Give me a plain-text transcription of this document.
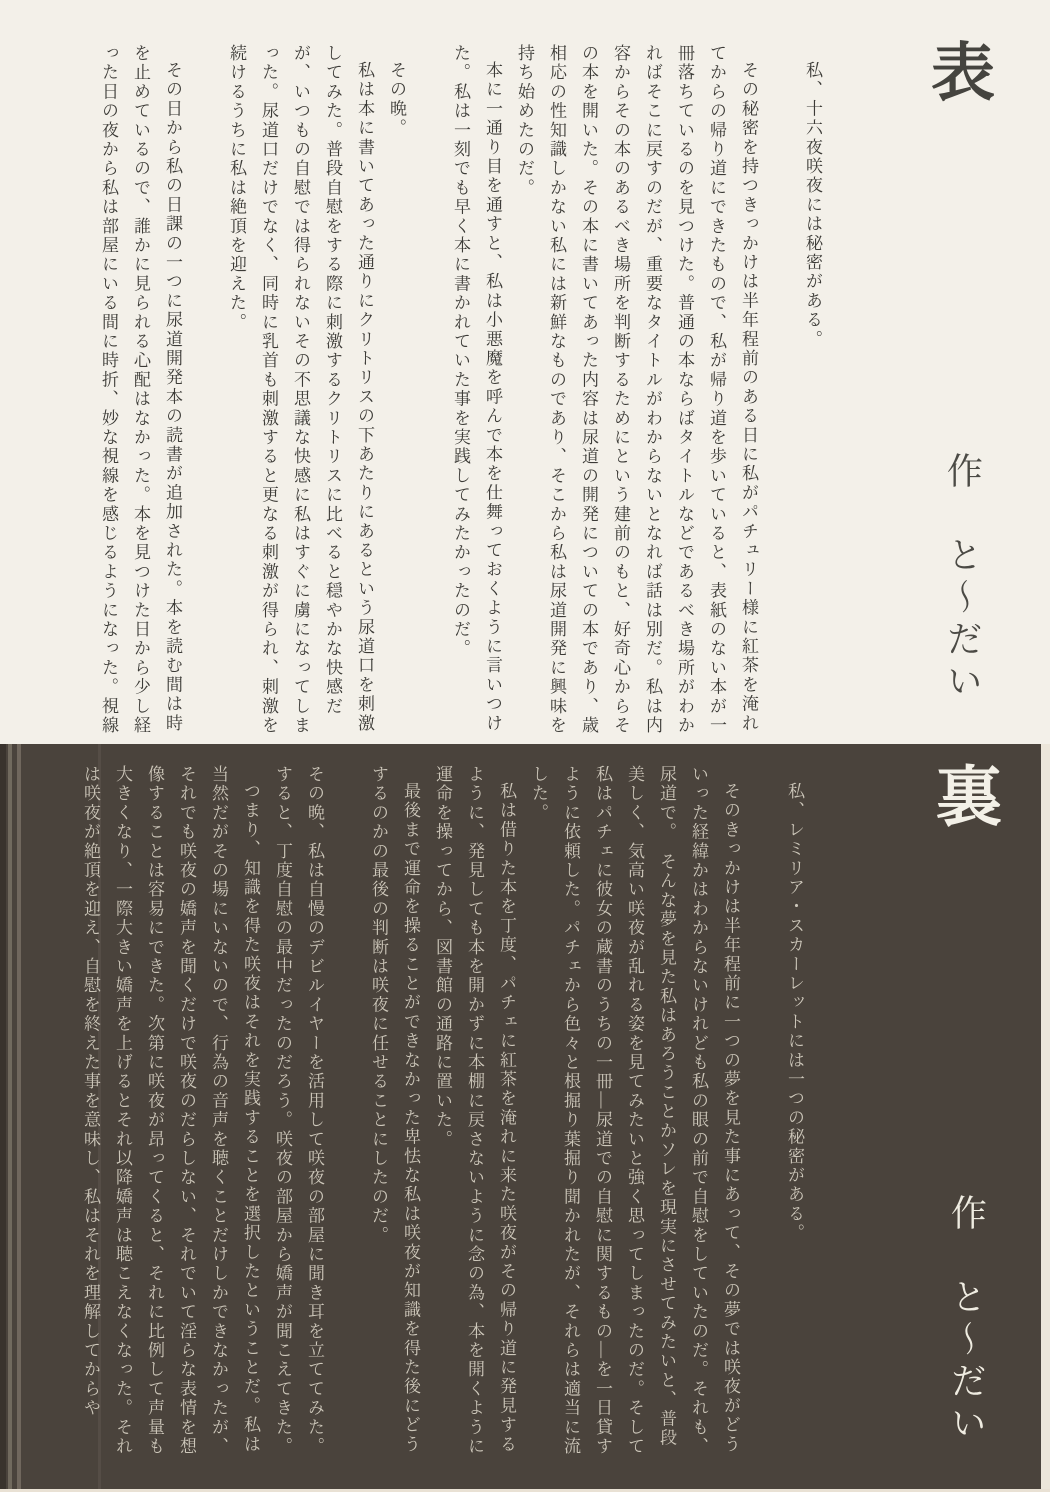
表
作　と〜だい

私、十六夜咲夜には秘密がある。

その秘密を持つきっかけは半年程前のある日に私がパチュリー様に紅茶を淹れてからの帰り道にできたもので、私が帰り道を歩いていると、表紙のない本が一冊落ちているのを見つけた。普通の本ならばタイトルなどであるべき場所がわかればそこに戻すのだが、重要なタイトルがわからないとなれば話は別だ。私は内容からその本のあるべき場所を判断するためにという建前のもと、好奇心からその本を開いた。その本に書いてあった内容は尿道の開発についての本であり、歳相応の性知識しかない私には新鮮なものであり、そこから私は尿道開発に興味を持ち始めたのだ。

本に一通り目を通すと、私は小悪魔を呼んで本を仕舞っておくように言いつけた。私は一刻でも早く本に書かれていた事を実践してみたかったのだ。

その晩。

私は本に書いてあった通りにクリトリスの下あたりにあるという尿道口を刺激してみた。普段自慰をする際に刺激するクリトリスに比べると穏やかな快感だが、いつもの自慰では得られないその不思議な快感に私はすぐに虜になってしまった。尿道口だけでなく、同時に乳首も刺激すると更なる刺激が得られ、刺激を続けるうちに私は絶頂を迎えた。

その日から私の日課の一つに尿道開発本の読書が追加された。本を読む間は時を止めているので、誰かに見られる心配はなかった。本を見つけた日から少し経った日の夜から私は部屋にいる間に時折、妙な視線を感じるようになった。視線

裏
作　と〜だい

私、レミリア・スカーレットには一つの秘密がある。

そのきっかけは半年程前に一つの夢を見た事にあって、その夢では咲夜がどういった経緯かはわからないけれども私の眼の前で自慰をしていたのだ。それも、尿道で。　そんな夢を見た私はあろうことかソレを現実にさせてみたいと、普段美しく、気高い咲夜が乱れる姿を見てみたいと強く思ってしまったのだ。そして私はパチェに彼女の蔵書のうちの一冊―尿道での自慰に関するもの―を一日貸すように依頼した。パチェから色々と根掘り葉掘り聞かれたが、それらは適当に流した。

私は借りた本を丁度、パチェに紅茶を淹れに来た咲夜がその帰り道に発見するように、発見しても本を開かずに本棚に戻さないように念の為、本を開くように運命を操ってから、図書館の通路に置いた。

最後まで運命を操ることができなかった卑怯な私は咲夜が知識を得た後にどうするのかの最後の判断は咲夜に任せることにしたのだ。

その晩、私は自慢のデビルイヤーを活用して咲夜の部屋に聞き耳を立ててみた。

すると、丁度自慰の最中だったのだろう。咲夜の部屋から嬌声が聞こえてきた。

つまり、知識を得た咲夜はそれを実践することを選択したということだ。私は当然だがその場にいないので、行為の音声を聴くことだけしかできなかったが、それでも咲夜の嬌声を聞くだけで咲夜のだらしない、それでいて淫らな表情を想像することは容易にできた。次第に咲夜が昂ってくると、それに比例して声量も大きくなり、一際大きい嬌声を上げるとそれ以降嬌声は聴こえなくなった。それは咲夜が絶頂を迎え、自慰を終えた事を意味し、私はそれを理解してからや
